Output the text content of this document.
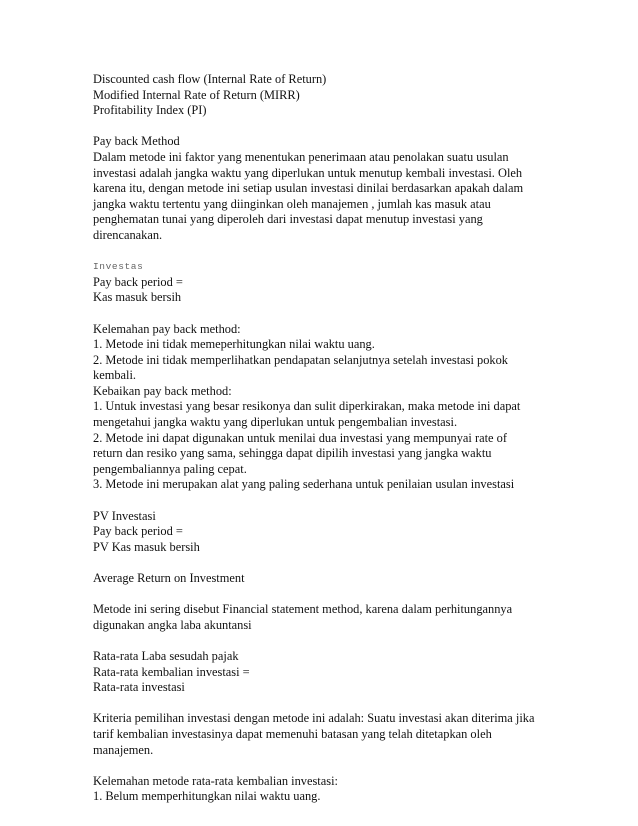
Discounted cash flow (Internal Rate of Return)
Modified Internal Rate of Return (MIRR)
Profitability Index (PI)
Pay back Method
Dalam metode ini faktor yang menentukan penerimaan atau penolakan suatu usulan
investasi adalah jangka waktu yang diperlukan untuk menutup kembali investasi. Oleh
karena itu, dengan metode ini setiap usulan investasi dinilai berdasarkan apakah dalam
jangka waktu tertentu yang diinginkan oleh manajemen , jumlah kas masuk atau
penghematan tunai yang diperoleh dari investasi dapat menutup investasi yang
direncanakan.
Investas
Pay back period =
Kas masuk bersih
Kelemahan pay back method:
1. Metode ini tidak memeperhitungkan nilai waktu uang.
2. Metode ini tidak memperlihatkan pendapatan selanjutnya setelah investasi pokok
kembali.
Kebaikan pay back method:
1. Untuk investasi yang besar resikonya dan sulit diperkirakan, maka metode ini dapat
mengetahui jangka waktu yang diperlukan untuk pengembalian investasi.
2. Metode ini dapat digunakan untuk menilai dua investasi yang mempunyai rate of
return dan resiko yang sama, sehingga dapat dipilih investasi yang jangka waktu
pengembaliannya paling cepat.
3. Metode ini merupakan alat yang paling sederhana untuk penilaian usulan investasi
PV Investasi
Pay back period =
PV Kas masuk bersih
Average Return on Investment
Metode ini sering disebut Financial statement method, karena dalam perhitungannya
digunakan angka laba akuntansi
Rata-rata Laba sesudah pajak
Rata-rata kembalian investasi =
Rata-rata investasi
Kriteria pemilihan investasi dengan metode ini adalah: Suatu investasi akan diterima jika
tarif kembalian investasinya dapat memenuhi batasan yang telah ditetapkan oleh
manajemen.
Kelemahan metode rata-rata kembalian investasi:
1. Belum memperhitungkan nilai waktu uang.
